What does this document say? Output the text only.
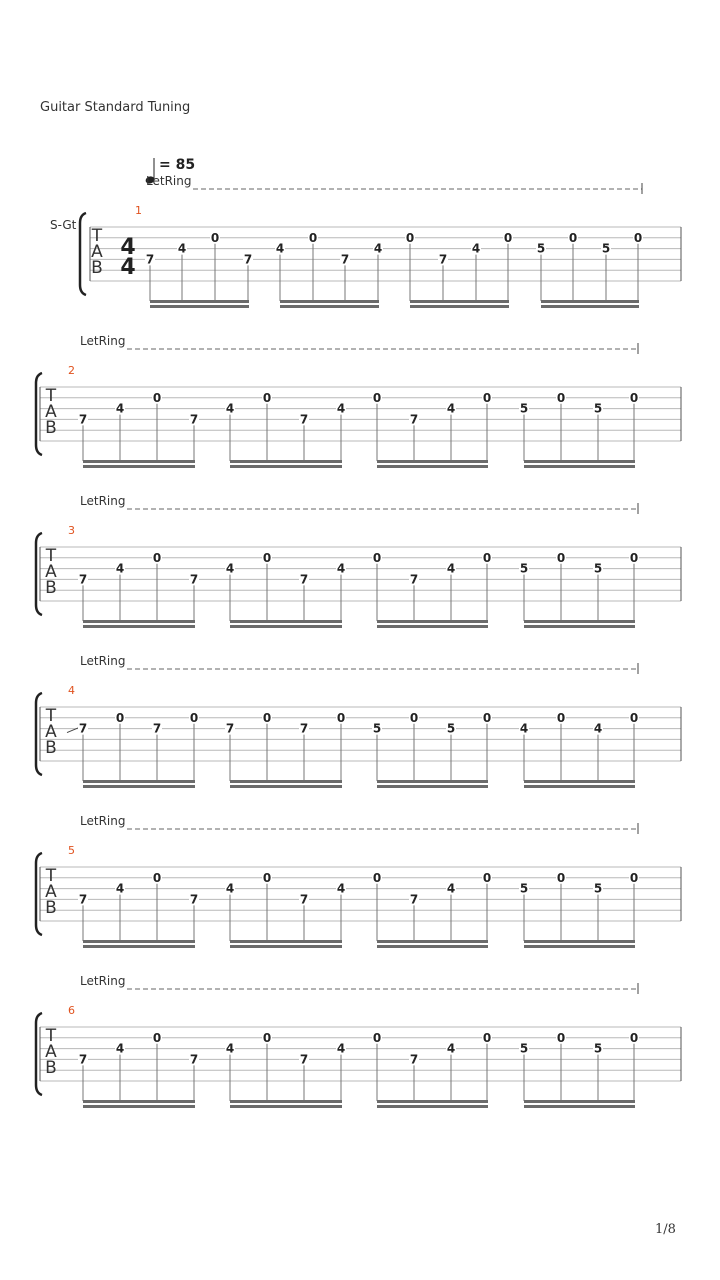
Guitar Standard Tuning
= 85
S-Gt
LetRing
1
T
A
B
4
4 7
4
0
7
4
0
7
4
0
7
4
0
5
0
5
0
LetRing
2
T
A
B 7
4
0
7
4
0
7
4
0
7
4
0
5
0
5
0
LetRing
3
T
A
B 7
4
0
7
4
0
7
4
0
7
4
0
5
0
5
0
LetRing
4
T
A
B
7
0
7
0
7
0
7
0
5
0
5
0
4
0
4
0
LetRing
5
T
A
B 7
4
0
7
4
0
7
4
0
7
4
0
5
0
5
0
LetRing
6
T
A
B 7
4
0
7
4
0
7
4
0
7
4
0
5
0
5
0
1/8
